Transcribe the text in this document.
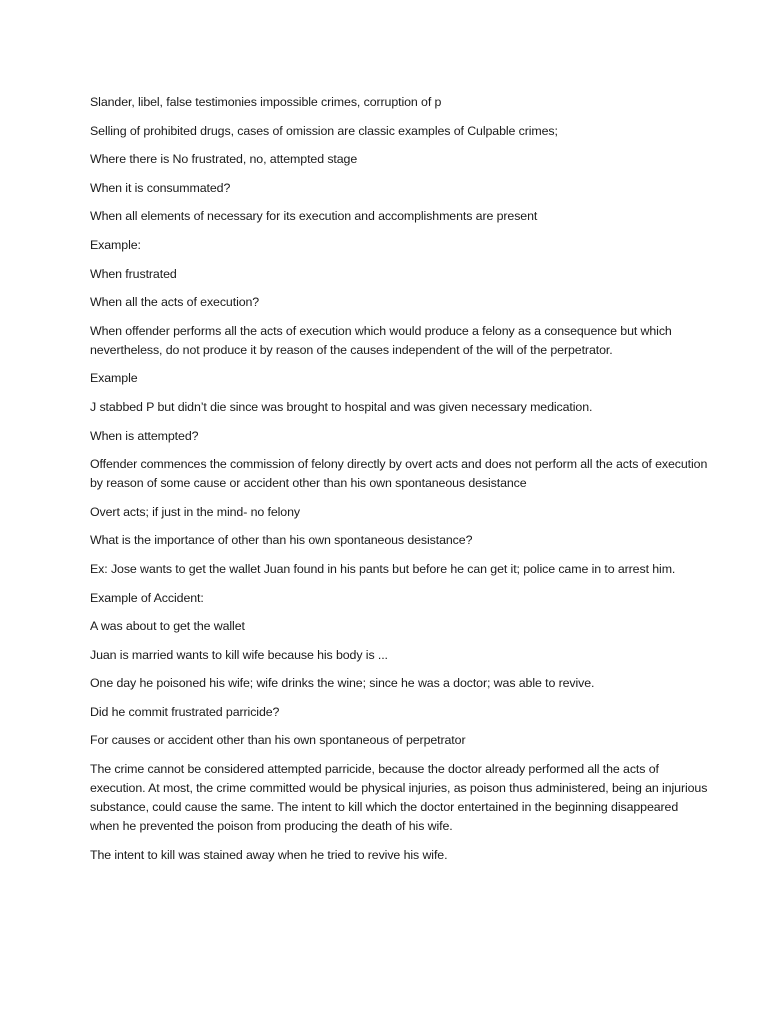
Slander, libel, false testimonies impossible crimes, corruption of p

Selling of prohibited drugs, cases of omission are classic examples of Culpable crimes;

Where there is No frustrated, no, attempted stage

When it is consummated?

When all elements of necessary for its execution and accomplishments are present

Example:

When frustrated

When all the acts of execution?

When offender performs all the acts of execution which would produce a felony as a consequence but which nevertheless, do not produce it by reason of the causes independent of the will of the perpetrator.

Example

J stabbed P but didn’t die since was brought to hospital and was given necessary medication.

When is attempted?

Offender commences the commission of felony directly by overt acts and does not perform all the acts of execution by reason of some cause or accident other than his own spontaneous desistance

Overt acts; if just in the mind- no felony

What is the importance of other than his own spontaneous desistance?

Ex: Jose wants to get the wallet Juan found in his pants but before he can get it; police came in to arrest him.

Example of Accident:

A was about to get the wallet

Juan is married wants to kill wife because his body is ...

One day he poisoned his wife; wife drinks the wine; since he was a doctor; was able to revive.

Did he commit frustrated parricide?

For causes or accident other than his own spontaneous of perpetrator

The crime cannot be considered attempted parricide, because the doctor already performed all the acts of execution. At most, the crime committed would be physical injuries, as poison thus administered, being an injurious substance, could cause the same. The intent to kill which the doctor entertained in the beginning disappeared when he prevented the poison from producing the death of his wife.

The intent to kill was stained away when he tried to revive his wife.
